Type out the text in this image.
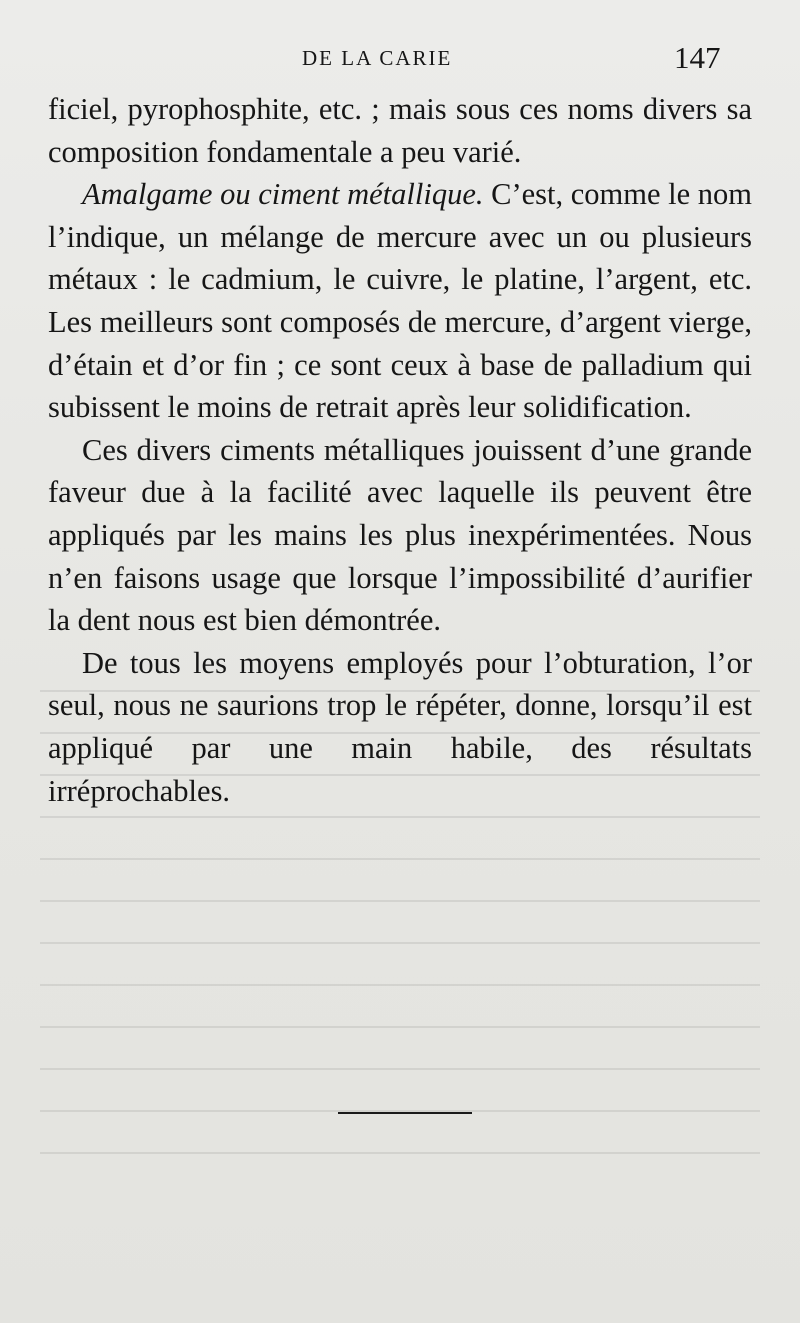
DE LA CARIE	147

ficiel, pyrophosphite, etc. ; mais sous ces noms divers sa composition fondamentale a peu varié.

Amalgame ou ciment métallique. C’est, comme le nom l’indique, un mélange de mercure avec un ou plusieurs métaux : le cadmium, le cuivre, le platine, l’argent, etc. Les meilleurs sont composés de mercure, d’argent vierge, d’étain et d’or fin ; ce sont ceux à base de palladium qui subissent le moins de retrait après leur solidification.

Ces divers ciments métalliques jouissent d’une grande faveur due à la facilité avec laquelle ils peuvent être appliqués par les mains les plus inexpérimentées. Nous n’en faisons usage que lorsque l’impossibilité d’aurifier la dent nous est bien démontrée.

De tous les moyens employés pour l’obturation, l’or seul, nous ne saurions trop le répéter, donne, lorsqu’il est appliqué par une main habile, des résultats irréprochables.
